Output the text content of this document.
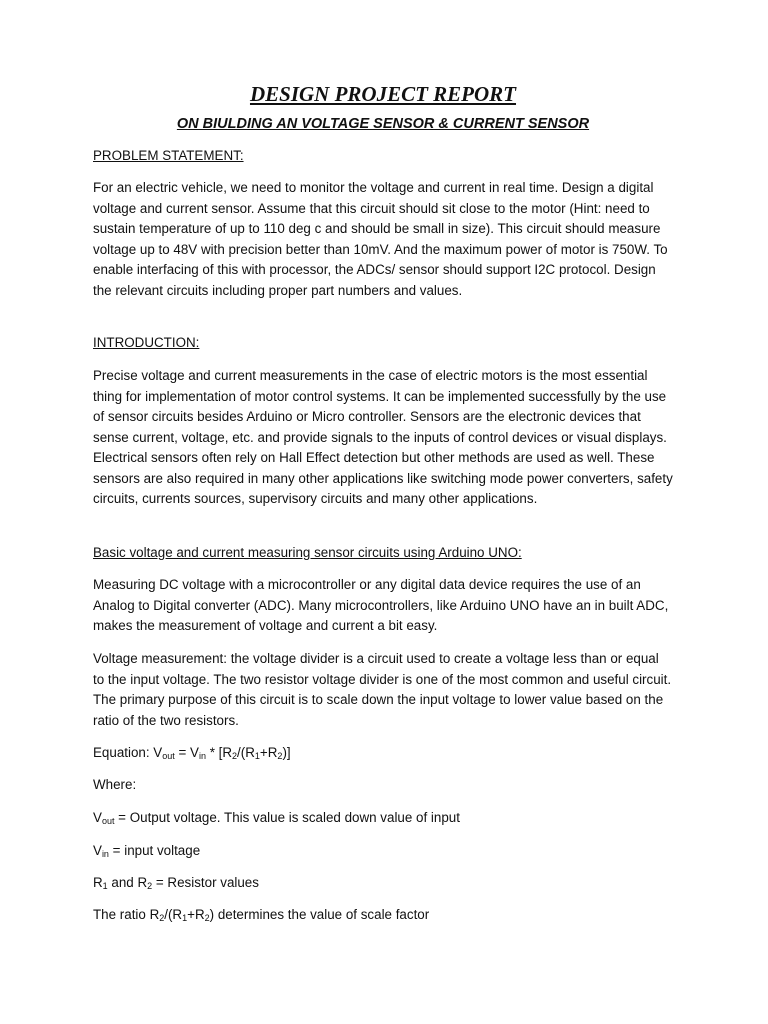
DESIGN PROJECT REPORT
ON BIULDING AN VOLTAGE SENSOR & CURRENT SENSOR

PROBLEM STATEMENT:

For an electric vehicle, we need to monitor the voltage and current in real time. Design a digital voltage and current sensor. Assume that this circuit should sit close to the motor (Hint: need to sustain temperature of up to 110 deg c and should be small in size). This circuit should measure voltage up to 48V with precision better than 10mV. And the maximum power of motor is 750W. To enable interfacing of this with processor, the ADCs/ sensor should support I2C protocol. Design the relevant circuits including proper part numbers and values.

INTRODUCTION:

Precise voltage and current measurements in the case of electric motors is the most essential thing for implementation of motor control systems. It can be implemented successfully by the use of sensor circuits besides Arduino or Micro controller. Sensors are the electronic devices that sense current, voltage, etc. and provide signals to the inputs of control devices or visual displays. Electrical sensors often rely on Hall Effect detection but other methods are used as well. These sensors are also required in many other applications like switching mode power converters, safety circuits, currents sources, supervisory circuits and many other applications.

Basic voltage and current measuring sensor circuits using Arduino UNO:

Measuring DC voltage with a microcontroller or any digital data device requires the use of an Analog to Digital converter (ADC). Many microcontrollers, like Arduino UNO have an in built ADC, makes the measurement of voltage and current a bit easy.

Voltage measurement: the voltage divider is a circuit used to create a voltage less than or equal to the input voltage. The two resistor voltage divider is one of the most common and useful circuit. The primary purpose of this circuit is to scale down the input voltage to lower value based on the ratio of the two resistors.

Equation: $V_{out} = V_{in} * [R_2/(R_1+R_2)]$

Where:

$V_{out}$ = Output voltage. This value is scaled down value of input

$V_{in}$ = input voltage

$R_1$ and $R_2$ = Resistor values

The ratio $R_2/(R_1+R_2)$ determines the value of scale factor
